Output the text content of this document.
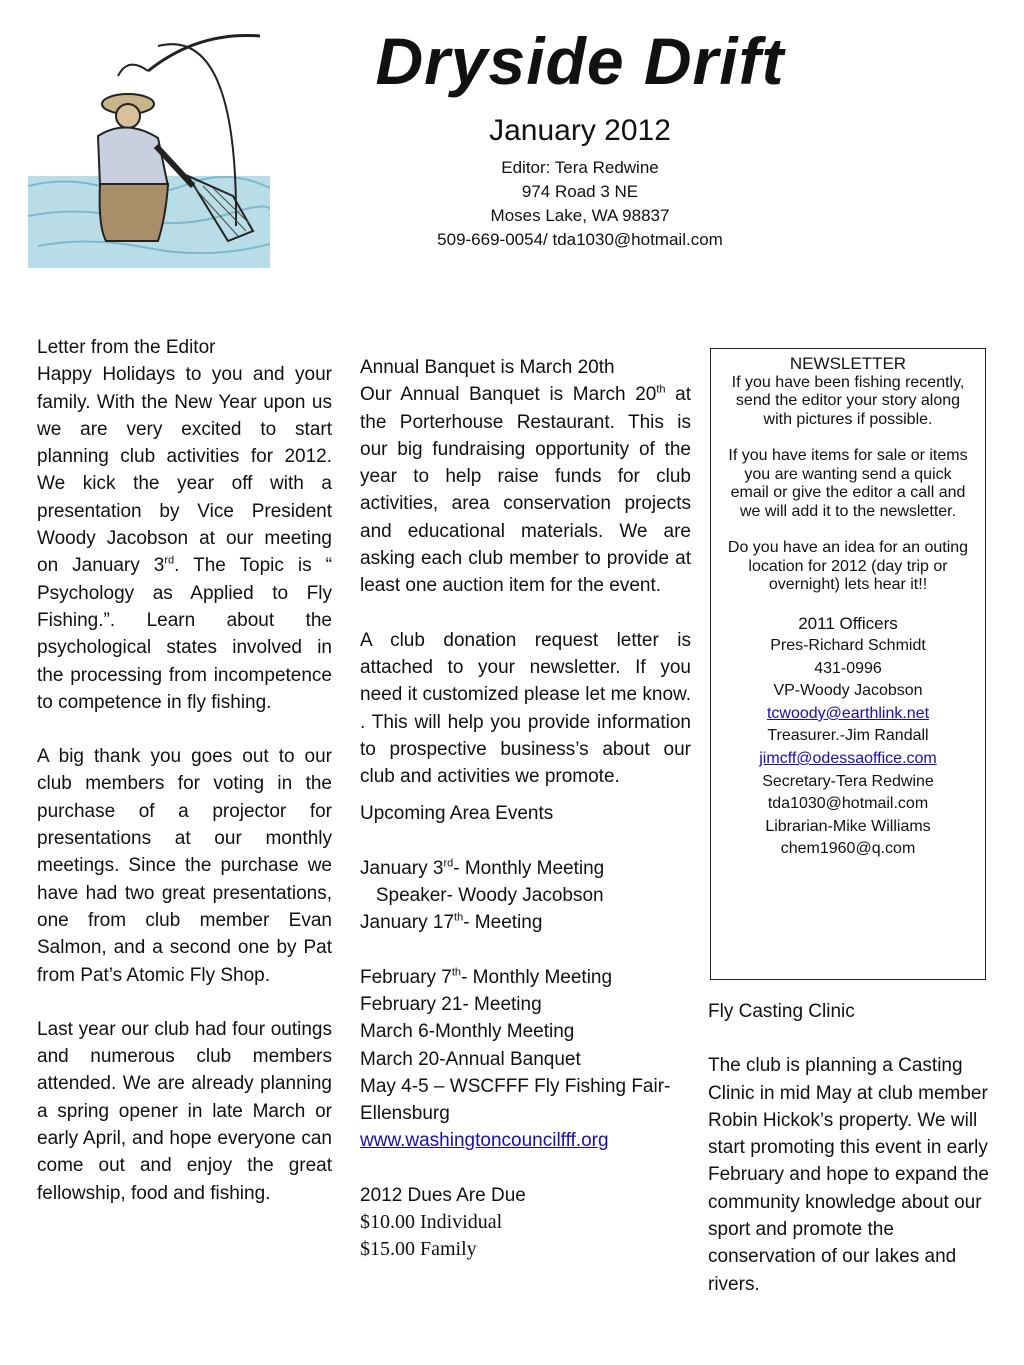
Dryside Drift
January 2012
Editor: Tera Redwine
974 Road 3 NE
Moses Lake, WA 98837
509-669-0054/ tda1030@hotmail.com

Letter from the Editor

Happy Holidays to you and your family. With the New Year upon us we are very excited to start planning club activities for 2012. We kick the year off with a presentation by Vice President Woody Jacobson at our meeting on January 3rd. The Topic is “ Psychology as Applied to Fly Fishing.”. Learn about the psychological states involved in the processing from incompetence to competence in fly fishing.

A big thank you goes out to our club members for voting in the purchase of a projector for presentations at our monthly meetings. Since the purchase we have had two great presentations, one from club member Evan Salmon, and a second one by Pat from Pat’s Atomic Fly Shop.

Last year our club had four outings and numerous club members attended. We are already planning a spring opener in late March or early April, and hope everyone can come out and enjoy the great fellowship, food and fishing.

Annual Banquet is March 20th

Our Annual Banquet is March 20th at the Porterhouse Restaurant. This is our big fundraising opportunity of the year to help raise funds for club activities, area conservation projects and educational materials. We are asking each club member to provide at least one auction item for the event.

A club donation request letter is attached to your newsletter. If you need it customized please let me know. . This will help you provide information to prospective business’s about our club and activities we promote.

Upcoming Area Events

January 3rd- Monthly Meeting

Speaker- Woody Jacobson

January 17th- Meeting

February 7th- Monthly Meeting

February 21- Meeting

March 6-Monthly Meeting

March 20-Annual Banquet

May 4-5 – WSCFFF Fly Fishing Fair-Ellensburg

www.washingtoncouncilfff.org

2012 Dues Are Due

$10.00 Individual

$15.00 Family

NEWSLETTER

If you have been fishing recently, send the editor your story along with pictures if possible.

If you have items for sale or items you are wanting send a quick email or give the editor a call and we will add it to the newsletter.

Do you have an idea for an outing location for 2012 (day trip or overnight) lets hear it!!

2011 Officers

Pres-Richard Schmidt

431-0996

VP-Woody Jacobson

tcwoody@earthlink.net

Treasurer.-Jim Randall

jimcff@odessaoffice.com

Secretary-Tera Redwine

tda1030@hotmail.com

Librarian-Mike Williams

chem1960@q.com

Fly Casting Clinic

The club is planning a Casting Clinic in mid May at club member Robin Hickok’s property. We will start promoting this event in early February and hope to expand the community knowledge about our sport and promote the conservation of our lakes and rivers.
